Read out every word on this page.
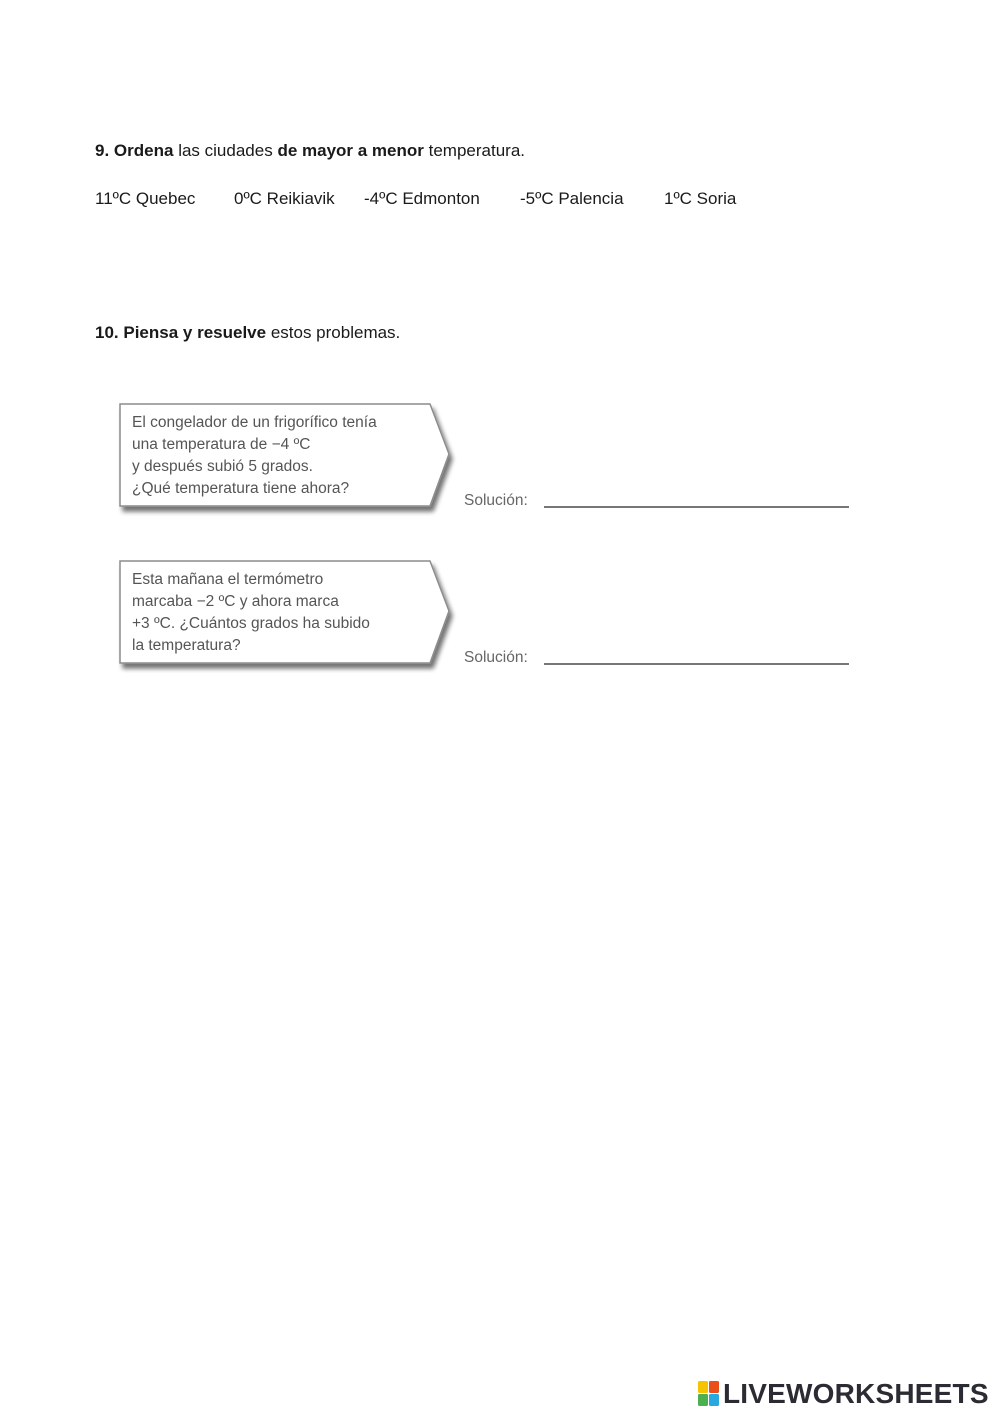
9. Ordena las ciudades de mayor a menor temperatura.
11ºC Quebec 0ºC Reikiavik -4ºC Edmonton -5ºC Palencia 1ºC Soria
10. Piensa y resuelve estos problemas.
El congelador de un frigorífico tenía
una temperatura de −4 ºC
y después subió 5 grados.
¿Qué temperatura tiene ahora?
Solución:
Esta mañana el termómetro
marcaba −2 ºC y ahora marca
+3 ºC. ¿Cuántos grados ha subido
la temperatura?
Solución:
LIVEWORKSHEETS
